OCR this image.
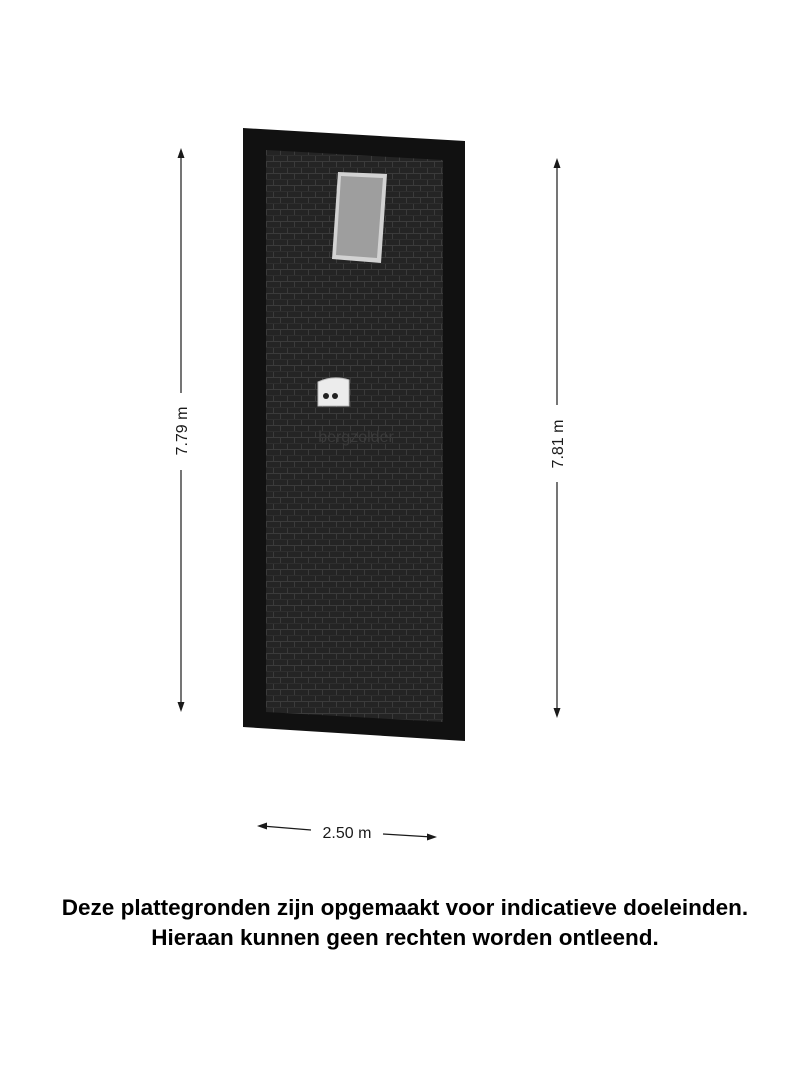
bergzolder
7.79 m	7.81 m
2.50 m
Deze plattegronden zijn opgemaakt voor indicatieve doeleinden.
Hieraan kunnen geen rechten worden ontleend.
